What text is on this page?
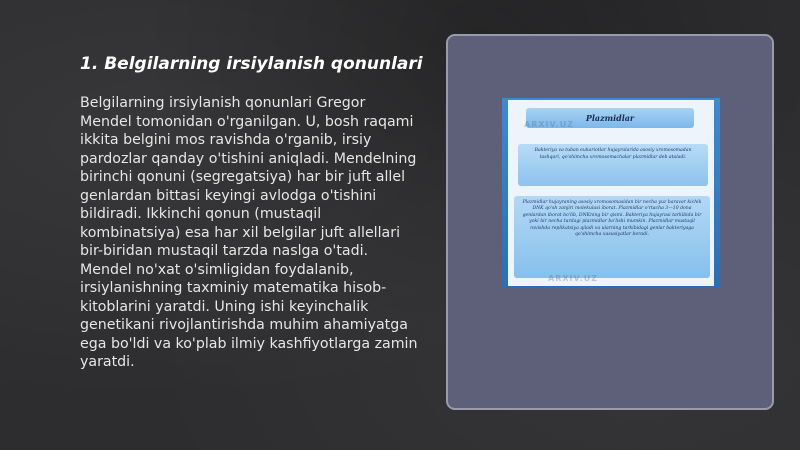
1. Belgilarning irsiylanish qonunlari

Belgilarning irsiylanish qonunlari Gregor Mendel tomonidan o'rganilgan. U, bosh raqami ikkita belgini mos ravishda o'rganib, irsiy pardozlar qanday o'tishini aniqladi. Mendelning birinchi qonuni (segregatsiya) har bir juft allel genlardan bittasi keyingi avlodga o'tishini bildiradi. Ikkinchi qonun (mustaqil kombinatsiya) esa har xil belgilar juft allellari bir-biridan mustaqil tarzda naslga o'tadi. Mendel no'xat o'simligidan foydalanib, irsiylanishning taxminiy matematika hisob-kitoblarini yaratdi. Uning ishi keyinchalik genetikani rivojlantirishda muhim ahamiyatga ega bo'ldi va ko'plab ilmiy kashfiyotlarga zamin yaratdi.

Plazmidlar
Bakteriya va tuban eukariotlar hujayralarida asosiy xromosomadan tashqari, qo'shimcha xromosomachalar plazmidlar deb ataladi.
Plazmidlar hujayraning asosiy xromosomasidan bir necha yuz baravar kichik DNK qo'sh zanjiri molekulasi iborat. Plazmidlar o'rtacha 3—10 dona genlardan iborat bo'lib, DNKning bir qismi. Bakteriya hujayrasi tarkibida bir yoki bir necha turdagi plazmidlar bo'lishi mumkin. Plazmidlar mustaqil ravishda replikatsiya qiladi va ularning tarkibidagi genlar bakteriyaga qo'shimcha xususiyatlar beradi.
ARXIV.UZ
ARXIV.UZ
